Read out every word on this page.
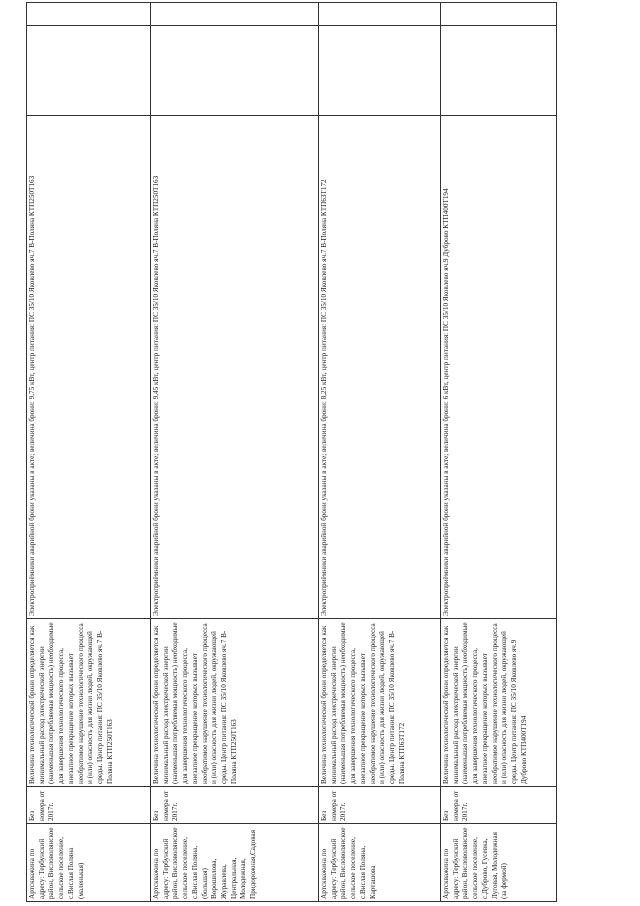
Артскважина по адресу: Тербунский район, Висловолянское сельское поселение, с.Вислая Поляна (маленькая)	Без номера от 2017г.	Величина технологической брони определяется как минимальный расход электрической энергии (наименьшая потребляемая мощность) необходимые для завершения технологического процесса, внезапное прекращение которых вызывает необратимое нарушение технологического процесса и (или) опасность для жизни людей, окружающей среды. Центр питания: ПС 35/10 Яковлево яч.7 В-Поляна КТП250Т163	Электроприёмники аварийной брони указаны в акте; величина брони: 9,75 кВт, центр питания: ПС 35/10 Яковлево яч.7 В-Поляна КТП250Т163
Артскважина по адресу: Тербунский район, Висловолянское сельское поселение, с.Вислая Поляна, (большая) Ворошилова, Журавлева, Центральная, Молодежная, Придорожная,Садовая	Без номера от 2017г.	Величина технологической брони определяется как минимальный расход электрической энергии (наименьшая потребляемая мощность) необходимые для завершения технологического процесса, внезапное прекращение которых вызывает необратимое нарушение технологического процесса и (или) опасность для жизни людей, окружающей среды. Центр питания: ПС 35/10 Яковлево яч.7 В-Поляна КТП250Т163	Электроприёмники аварийной брони указаны в акте; величина брони: 9,45 кВт, центр питания: ПС 35/10 Яковлево яч.7 В-Поляна КТП250Т163
Артскважина по адресу: Тербунский район, Висловолянское сельское поселение, с.Вислая Поляна, Карташова	Без номера от 2017г.	Величина технологической брони определяется как минимальный расход электрической энергии (наименьшая потребляемая мощность) необходимые для завершения технологического процесса, внезапное прекращение которых вызывает необратимое нарушение технологического процесса и (или) опасность для жизни людей, окружающей среды. Центр питания: ПС 35/10 Яковлево яч.7 В-Поляна КТП63Т172	Электроприёмники аварийной брони указаны в акте; величина брони: 8,25 кВт, центр питания: ПС 35/10 Яковлево яч.7 В-Поляна КТП63Т172
Артскважина по адресу: Тербунский район, Висловолянское сельское поселение, с.Дуброво, Гусевка, Луговая, Молодежная (за фермой)	Без номера от 2017г.	Величина технологической брони определяется как минимальный расход электрической энергии (наименьшая потребляемая мощность) необходимые для завершения технологического процесса, внезапное прекращение которых вызывает необратимое нарушение технологического процесса и (или) опасность для жизни людей, окружающей среды. Центр питания: ПС 35/10 Яковлево яч.9 Дуброво КТП400Т194	Электроприёмники аварийной брони указаны в акте; величина брони: 6 кВт, центр питания: ПС 35/10 Яковлево яч.9 Дуброво КТП400Т194
